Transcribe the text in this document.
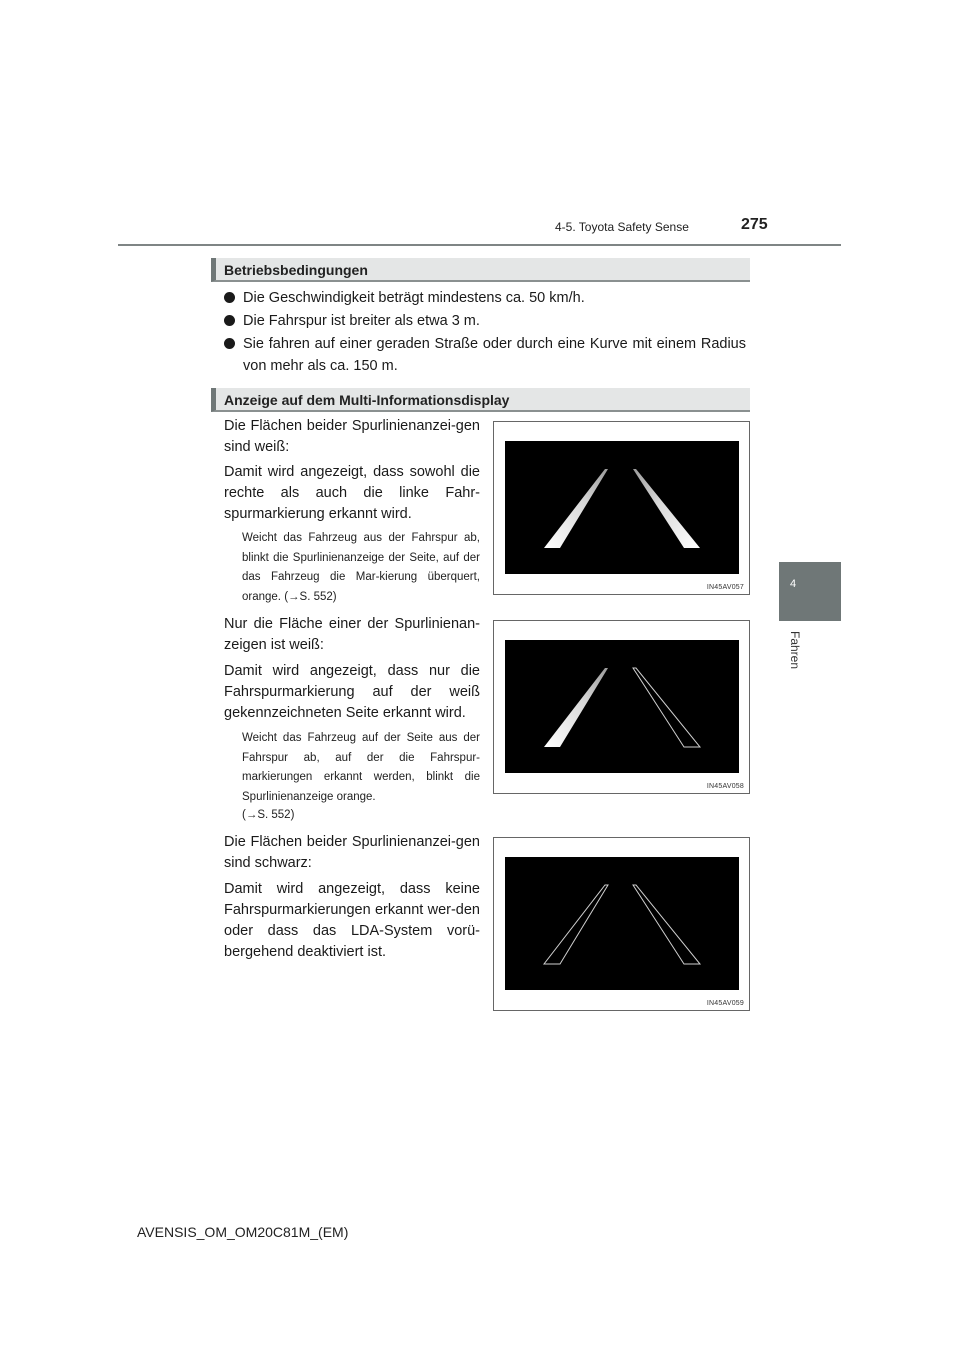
4-5. Toyota Safety Sense	275
4
Fahren
Betriebsbedingungen
Die Geschwindigkeit beträgt mindestens ca. 50 km/h.
Die Fahrspur ist breiter als etwa 3 m.
Sie fahren auf einer geraden Straße oder durch eine Kurve mit einem Radius von mehr als ca. 150 m.
Anzeige auf dem Multi-Informationsdisplay
Die Flächen beider Spurlinienanzei-gen sind weiß:
Damit wird angezeigt, dass sowohl die rechte als auch die linke Fahr-spurmarkierung erkannt wird.
Weicht das Fahrzeug aus der Fahrspur ab, blinkt die Spurlinienanzeige der Seite, auf der das Fahrzeug die Mar-kierung überquert, orange. (→S. 552)
IN45AV057
Nur die Fläche einer der Spurlinienan-zeigen ist weiß:
Damit wird angezeigt, dass nur die Fahrspurmarkierung auf der weiß gekennzeichneten Seite erkannt wird.
Weicht das Fahrzeug auf der Seite aus der Fahrspur ab, auf der die Fahrspur-markierungen erkannt werden, blinkt die Spurlinienanzeige orange.
(→S. 552)
IN45AV058
Die Flächen beider Spurlinienanzei-gen sind schwarz:
Damit wird angezeigt, dass keine Fahrspurmarkierungen erkannt wer-den oder dass das LDA-System vorü-bergehend deaktiviert ist.
IN45AV059
AVENSIS_OM_OM20C81M_(EM)
